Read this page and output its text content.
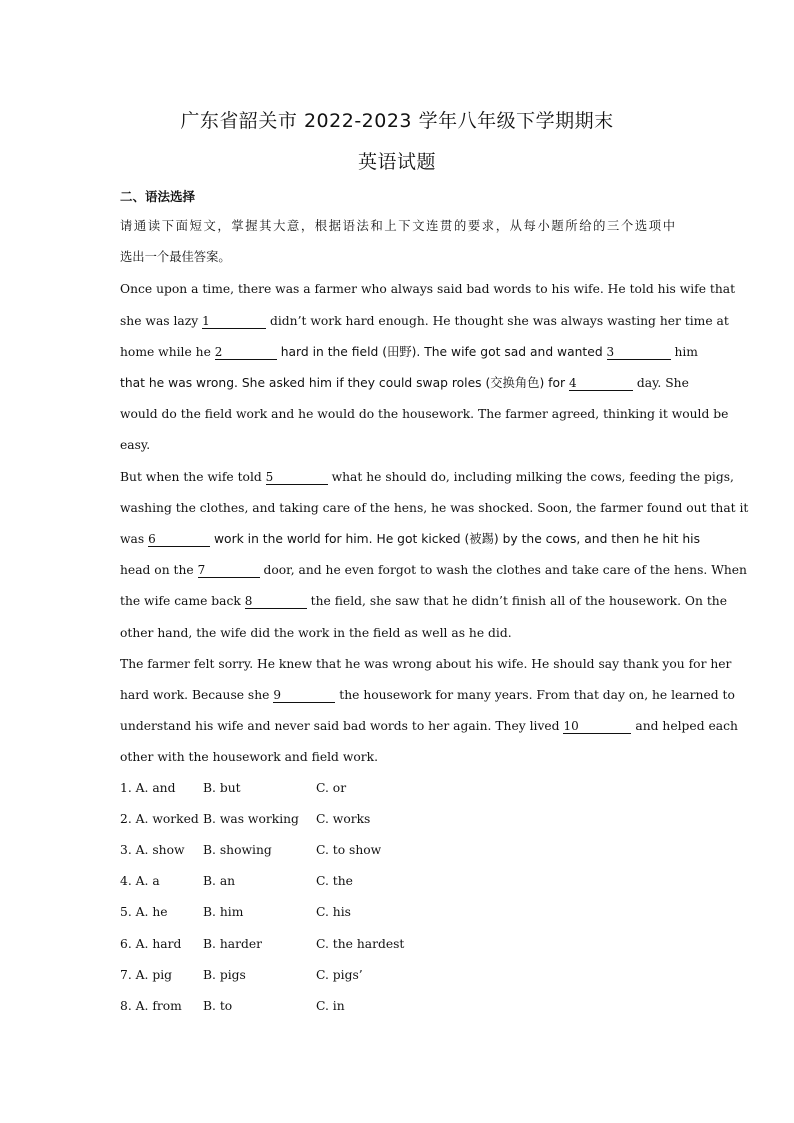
广东省韶关市 2022-2023 学年八年级下学期期末
英语试题
二、语法选择
请通读下面短文，掌握其大意，根据语法和上下文连贯的要求，从每小题所给的三个选项中
选出一个最佳答案。
Once upon a time, there was a farmer who always said bad words to his wife. He told his wife that
she was lazy 1	didn’t work hard enough. He thought she was always wasting her time at
home while he 2	hard in the field (田野). The wife got sad and wanted 3	him
that he was wrong. She asked him if they could swap roles (交换角色) for 4	day. She
would do the field work and he would do the housework. The farmer agreed, thinking it would be
easy.
But when the wife told 5	what he should do, including milking the cows, feeding the pigs,
washing the clothes, and taking care of the hens, he was shocked. Soon, the farmer found out that it
was 6	work in the world for him. He got kicked (被踢) by the cows, and then he hit his
head on the 7	door, and he even forgot to wash the clothes and take care of the hens. When
the wife came back 8	the field, she saw that he didn’t finish all of the housework. On the
other hand, the wife did the work in the field as well as he did.
The farmer felt sorry. He knew that he was wrong about his wife. He should say thank you for her
hard work. Because she 9	the housework for many years. From that day on, he learned to
understand his wife and never said bad words to her again. They lived 10	and helped each
other with the housework and field work.
1. A. and B. but	C. or
2. A. worked B. was working C. works
3. A. show B. showing	C. to show
4. A. a	B. an	C. the
5. A. he	B. him	C. his
6. A. hard B. harder	C. the hardest
7. A. pig	B. pigs	C. pigs’
8. A. from B. to	C. in
